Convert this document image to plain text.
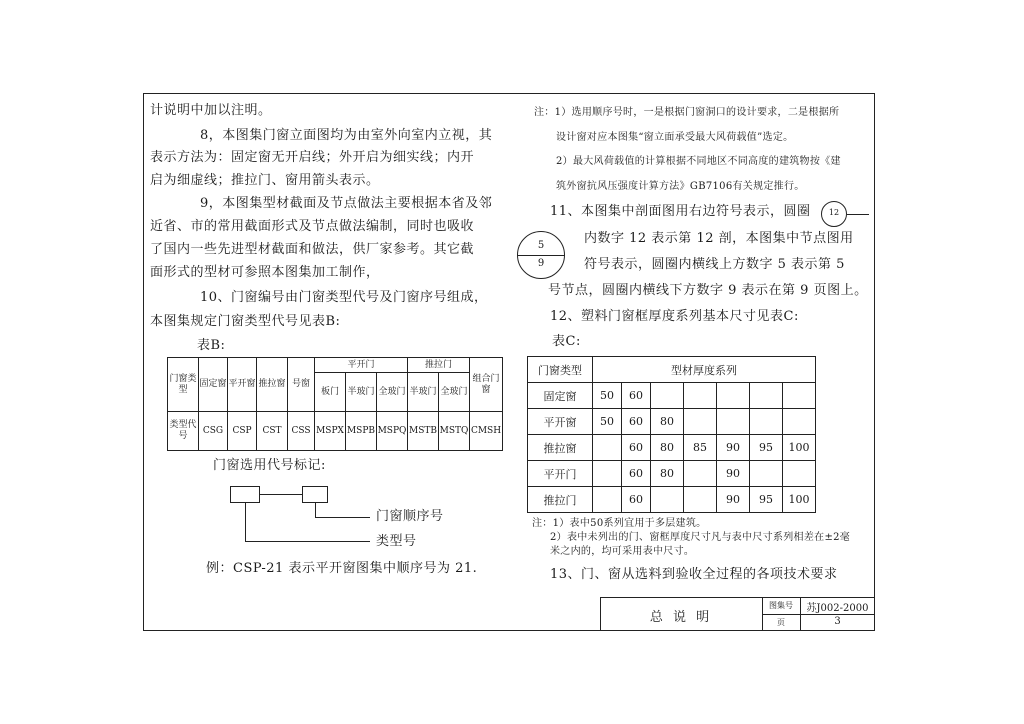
计说明中加以注明。
8，本图集门窗立面图均为由室外向室内立视，其
表示方法为：固定窗无开启线；外开启为细实线；内开
启为细虚线；推拉门、窗用箭头表示。
9，本图集型材截面及节点做法主要根据本省及邻
近省、市的常用截面形式及节点做法编制，同时也吸收
了国内一些先进型材截面和做法，供厂家参考。其它截
面形式的型材可参照本图集加工制作，
10、门窗编号由门窗类型代号及门窗序号组成，
本图集规定门窗类型代号见表B:
表B:
门窗类型	固定窗	平开窗	推拉窗	号窗	平开门			推拉门		组合门窗
					板门	半玻门	全玻门	半玻门	全玻门	

类型代号	CSG	CSP	CST	CSS	MSPX	MSPB	MSPQ	MSTB	MSTQ	CMSH
门窗选用代号标记:
门窗顺序号
类型号
例：CSP-21 表示平开窗图集中顺序号为 21.
注：1）选用顺序号时，一是根据门窗洞口的设计要求，二是根据所
设计窗对应本图集“窗立面承受最大风荷载值”选定。
2）最大风荷载值的计算根据不同地区不同高度的建筑物按《建
筑外窗抗风压强度计算方法》GB7106有关规定推行。
11、本图集中剖面图用右边符号表示，圆圈
内数字 12 表示第 12 剖，本图集中节点图用
符号表示，圆圈内横线上方数字 5 表示第 5
号节点，圆圈内横线下方数字 9 表示在第 9 页图上。
12
5
9
12、塑料门窗框厚度系列基本尺寸见表C:
表C:
门窗类型	型材厚度系列						
固定窗	50	60					
平开窗	50	60	80				
推拉窗		60	80	85	90	95	100
平开门		60	80		90		
推拉门		60			90	95	100
注：1）表中50系列宜用于多层建筑。
2）表中未列出的门、窗框厚度尺寸凡与表中尺寸系列相差在±2毫
米之内的，均可采用表中尺寸。
13、门、窗从选料到验收全过程的各项技术要求
总 说 明
图集号	苏J002-2000
页	3
